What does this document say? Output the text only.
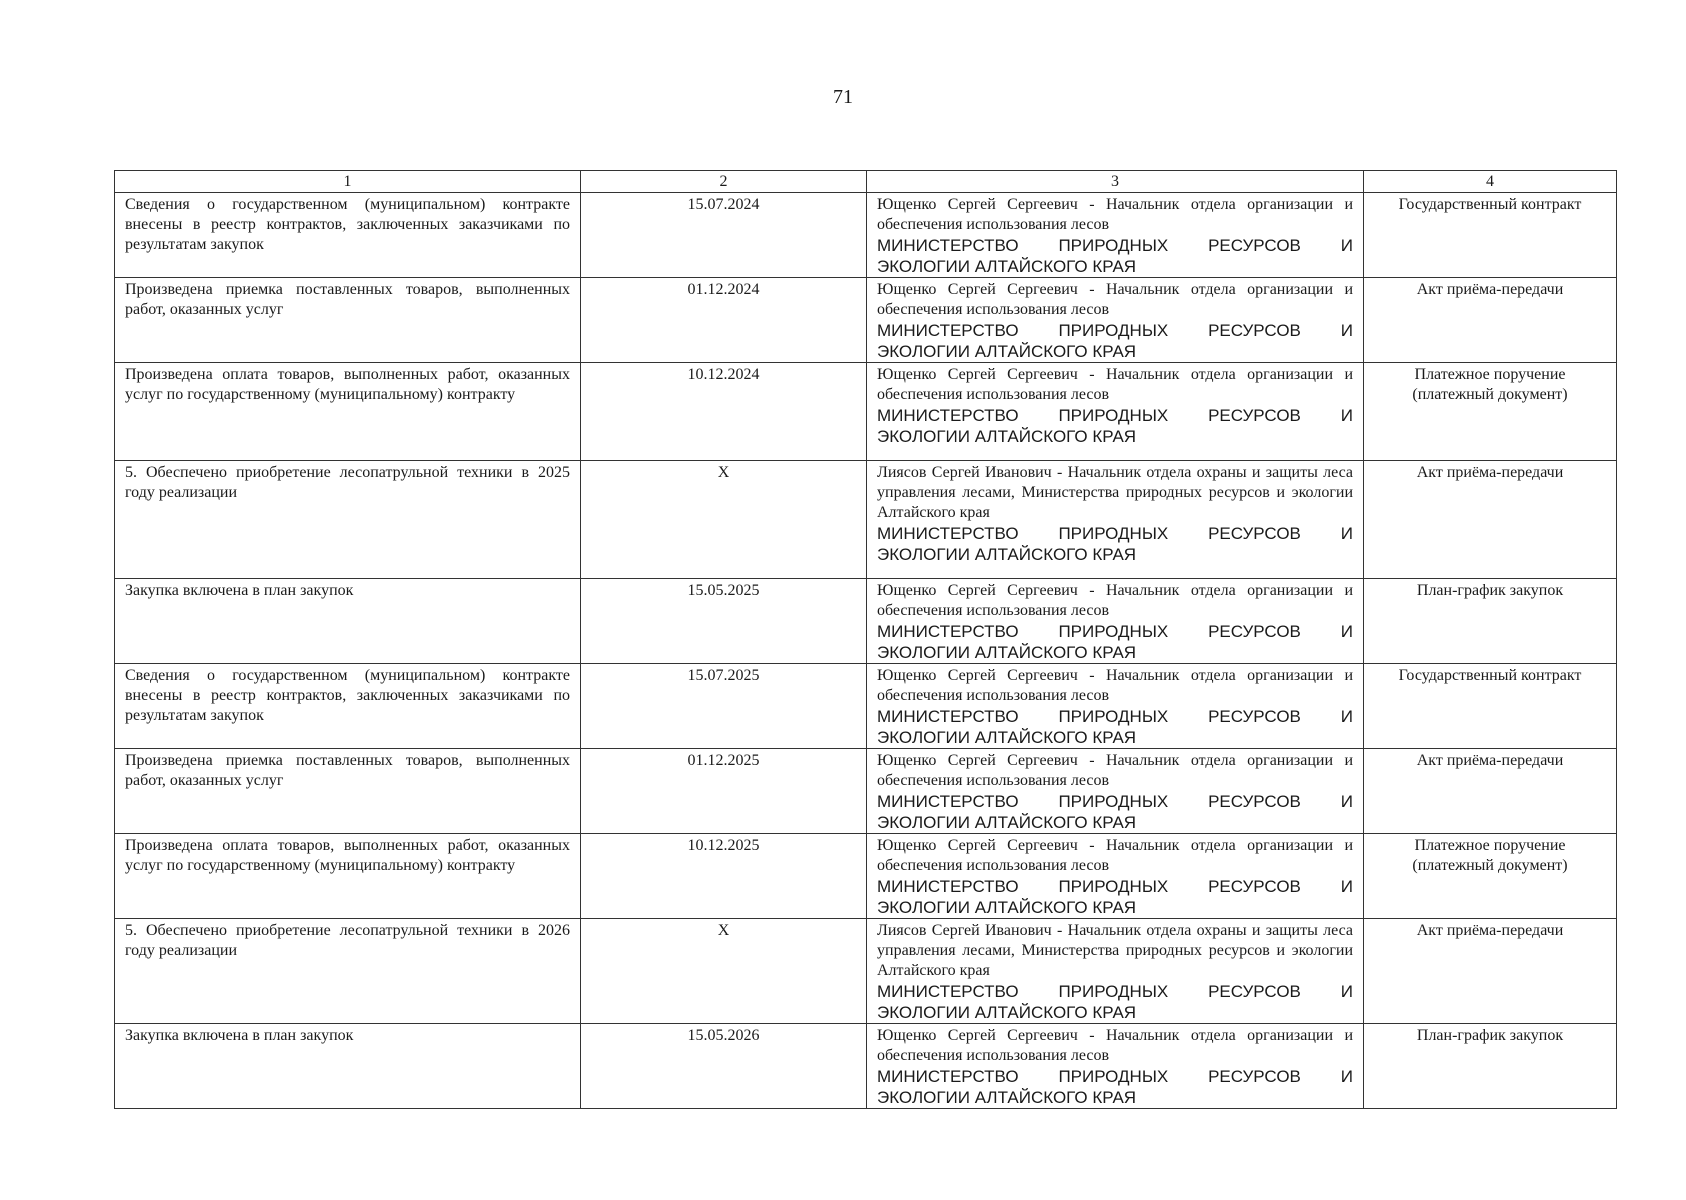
71
1	2	3	4
Сведения о государственном (муниципальном) контракте внесены в реестр контрактов, заключенных заказчиками по результатам закупок	15.07.2024	Ющенко Сергей Сергеевич - Начальник отдела организации и обеспечения использования лесов
МИНИСТЕРСТВО ПРИРОДНЫХ РЕСУРСОВ И
ЭКОЛОГИИ АЛТАЙСКОГО КРАЯ	Государственный контракт
Произведена приемка поставленных товаров, выполненных работ, оказанных услуг	01.12.2024	Ющенко Сергей Сергеевич - Начальник отдела организации и обеспечения использования лесов
МИНИСТЕРСТВО ПРИРОДНЫХ РЕСУРСОВ И
ЭКОЛОГИИ АЛТАЙСКОГО КРАЯ	Акт приёма-передачи
Произведена оплата товаров, выполненных работ, оказанных услуг по государственному (муниципальному) контракту	10.12.2024	Ющенко Сергей Сергеевич - Начальник отдела организации и обеспечения использования лесов
МИНИСТЕРСТВО ПРИРОДНЫХ РЕСУРСОВ И
ЭКОЛОГИИ АЛТАЙСКОГО КРАЯ	Платежное поручение (платежный документ)
5. Обеспечено приобретение лесопатрульной техники в 2025 году реализации	X	Лиясов Сергей Иванович - Начальник отдела охраны и защиты леса управления лесами, Министерства природных ресурсов и экологии Алтайского края
МИНИСТЕРСТВО ПРИРОДНЫХ РЕСУРСОВ И
ЭКОЛОГИИ АЛТАЙСКОГО КРАЯ	Акт приёма-передачи
Закупка включена в план закупок	15.05.2025	Ющенко Сергей Сергеевич - Начальник отдела организации и обеспечения использования лесов
МИНИСТЕРСТВО ПРИРОДНЫХ РЕСУРСОВ И
ЭКОЛОГИИ АЛТАЙСКОГО КРАЯ	План-график закупок
Сведения о государственном (муниципальном) контракте внесены в реестр контрактов, заключенных заказчиками по результатам закупок	15.07.2025	Ющенко Сергей Сергеевич - Начальник отдела организации и обеспечения использования лесов
МИНИСТЕРСТВО ПРИРОДНЫХ РЕСУРСОВ И
ЭКОЛОГИИ АЛТАЙСКОГО КРАЯ	Государственный контракт
Произведена приемка поставленных товаров, выполненных работ, оказанных услуг	01.12.2025	Ющенко Сергей Сергеевич - Начальник отдела организации и обеспечения использования лесов
МИНИСТЕРСТВО ПРИРОДНЫХ РЕСУРСОВ И
ЭКОЛОГИИ АЛТАЙСКОГО КРАЯ	Акт приёма-передачи
Произведена оплата товаров, выполненных работ, оказанных услуг по государственному (муниципальному) контракту	10.12.2025	Ющенко Сергей Сергеевич - Начальник отдела организации и обеспечения использования лесов
МИНИСТЕРСТВО ПРИРОДНЫХ РЕСУРСОВ И
ЭКОЛОГИИ АЛТАЙСКОГО КРАЯ	Платежное поручение (платежный документ)
5. Обеспечено приобретение лесопатрульной техники в 2026 году реализации	X	Лиясов Сергей Иванович - Начальник отдела охраны и защиты леса управления лесами, Министерства природных ресурсов и экологии Алтайского края
МИНИСТЕРСТВО ПРИРОДНЫХ РЕСУРСОВ И
ЭКОЛОГИИ АЛТАЙСКОГО КРАЯ	Акт приёма-передачи
Закупка включена в план закупок	15.05.2026	Ющенко Сергей Сергеевич - Начальник отдела организации и обеспечения использования лесов
МИНИСТЕРСТВО ПРИРОДНЫХ РЕСУРСОВ И
ЭКОЛОГИИ АЛТАЙСКОГО КРАЯ	План-график закупок
